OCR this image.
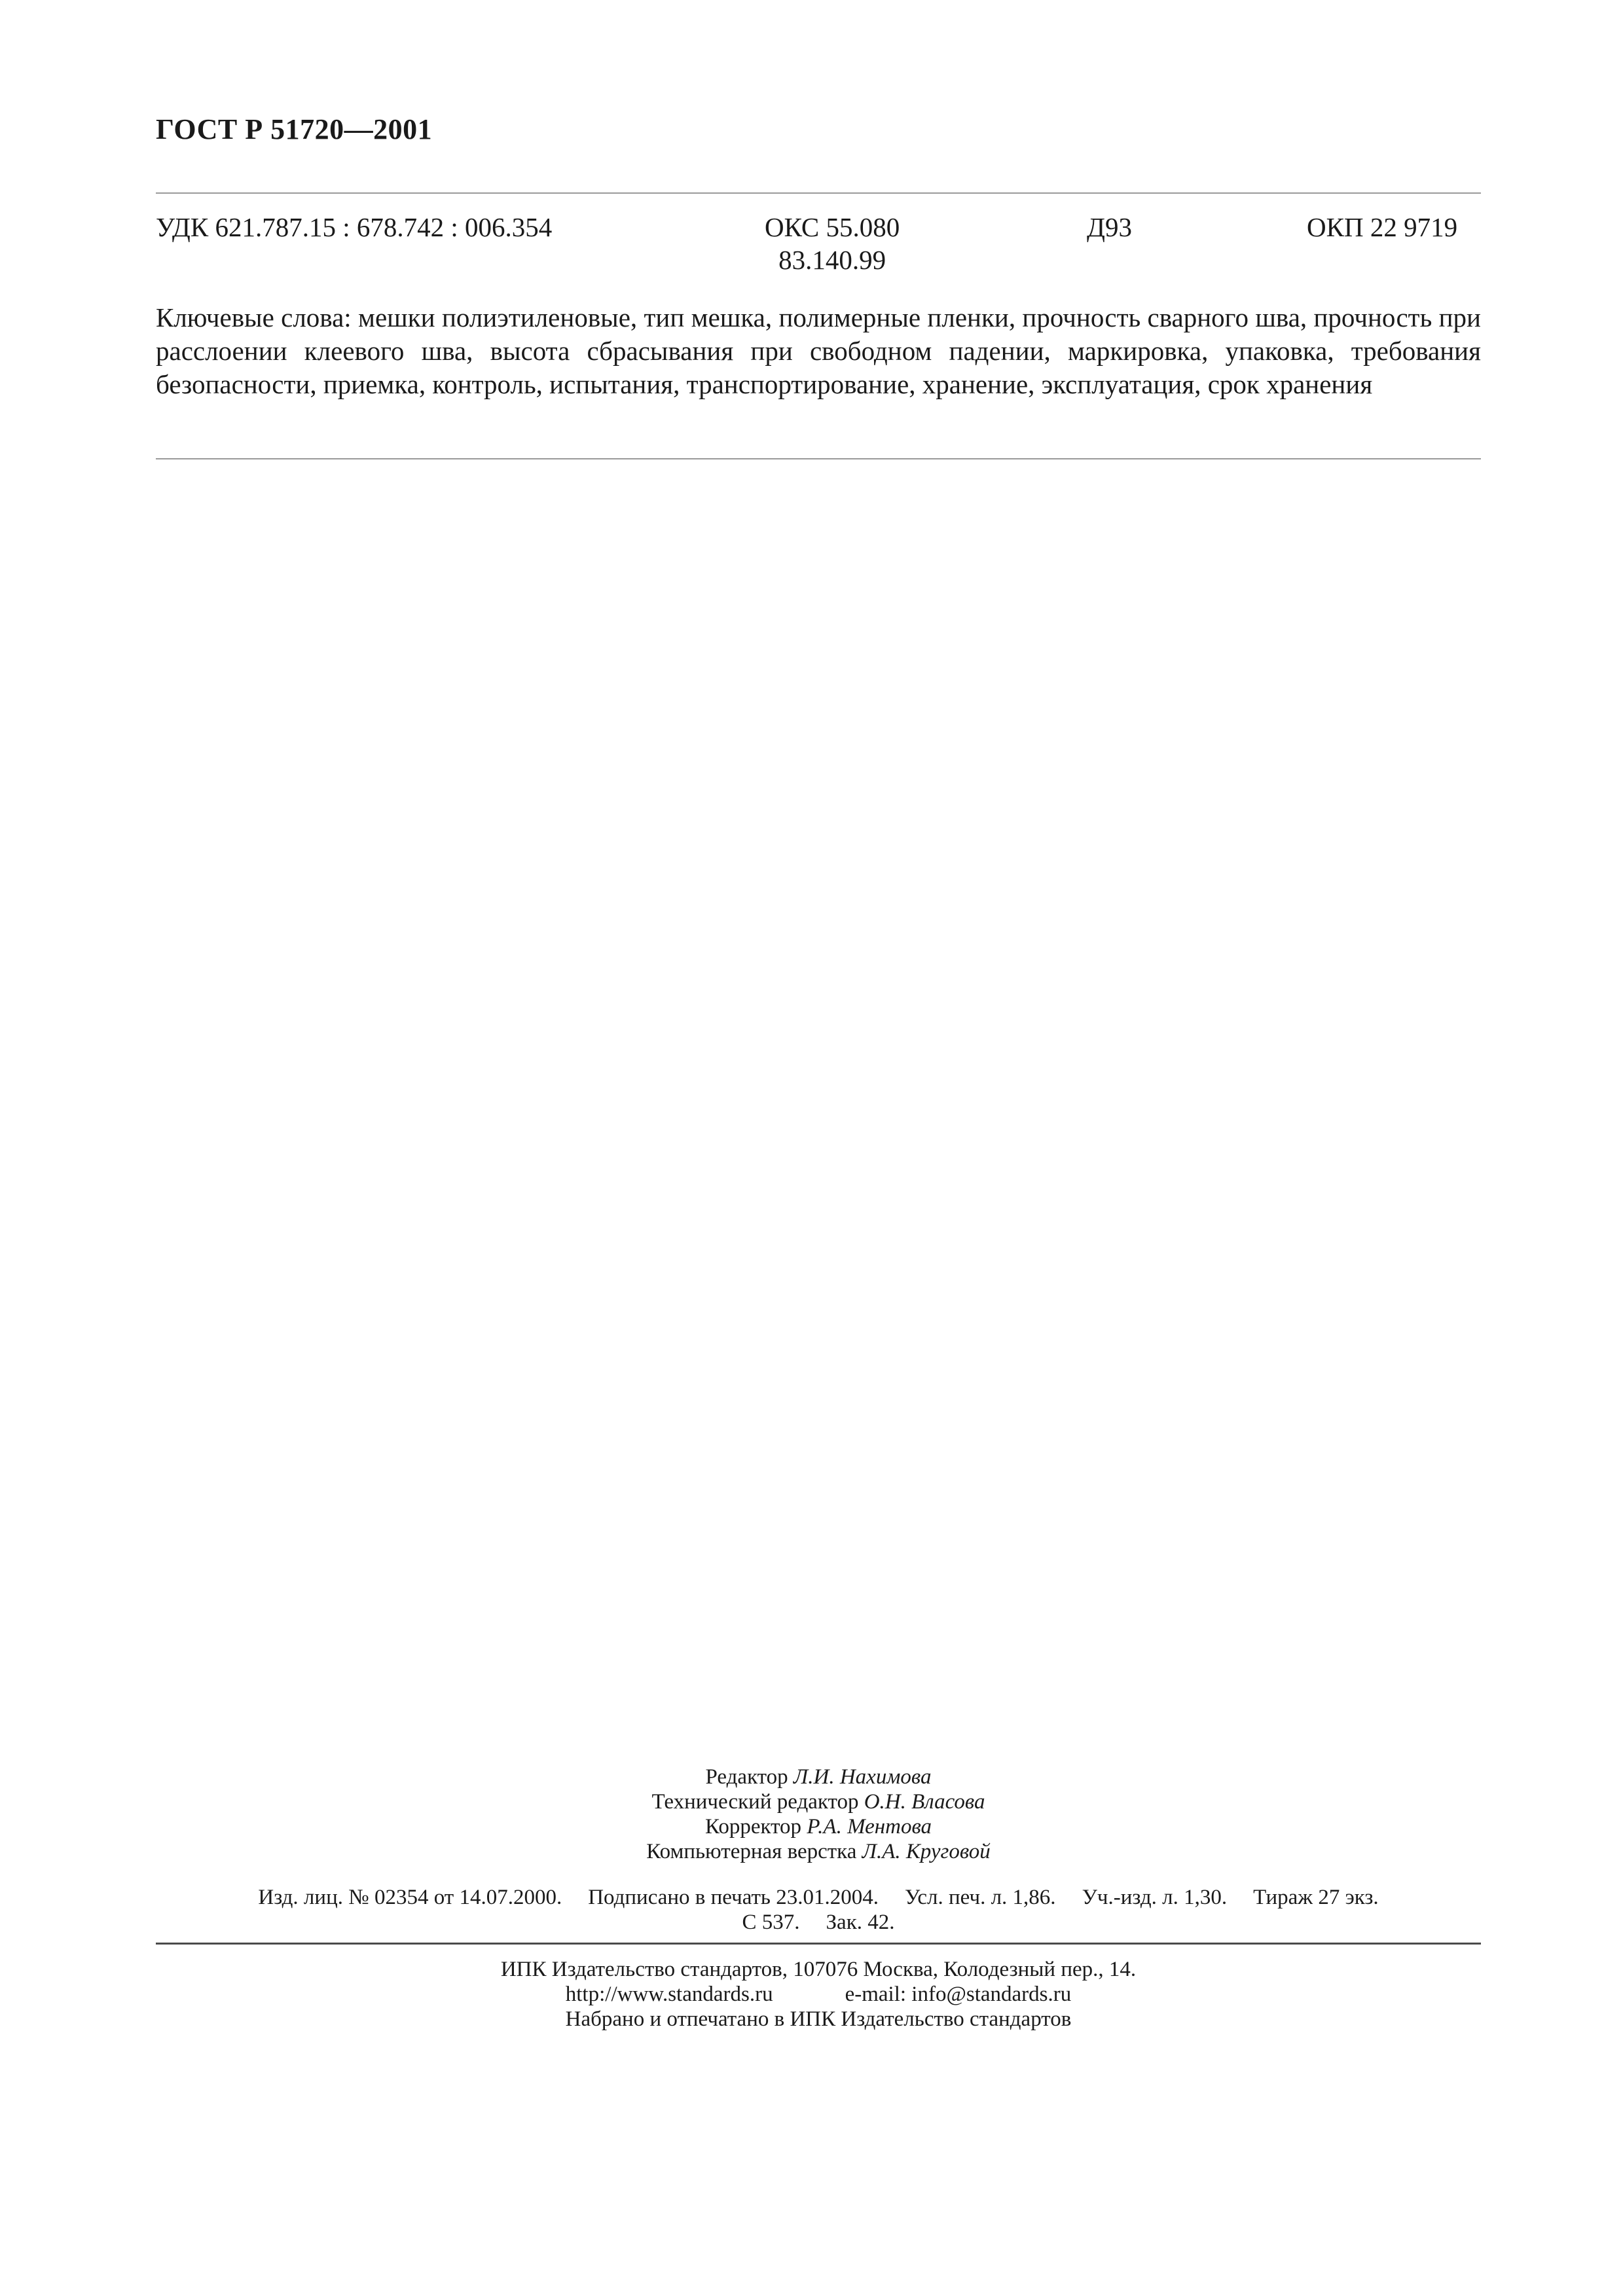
ГОСТ Р 51720—2001
УДК 621.787.15 : 678.742 : 006.354	ОКС 55.080
83.140.99
Д93	ОКП 22 9719
Ключевые слова: мешки полиэтиленовые, тип мешка, полимерные пленки, прочность сварного шва, прочность при расслоении клеевого шва, высота сбрасывания при свободном падении, маркировка, упаковка, требования безопасности, приемка, контроль, испытания, транспортирование, хранение, эксплуатация, срок хранения
Редактор Л.И. Нахимова
Технический редактор О.Н. Власова
Корректор Р.А. Ментова
Компьютерная верстка Л.А. Круговой
Изд. лиц. № 02354 от 14.07.2000. Подписано в печать 23.01.2004. Усл. печ. л. 1,86. Уч.-изд. л. 1,30. Тираж 27 экз.
С 537. Зак. 42.
ИПК Издательство стандартов, 107076 Москва, Колодезный пер., 14.
http://www.standards.ru	e-mail: info@standards.ru
Набрано и отпечатано в ИПК Издательство стандартов
